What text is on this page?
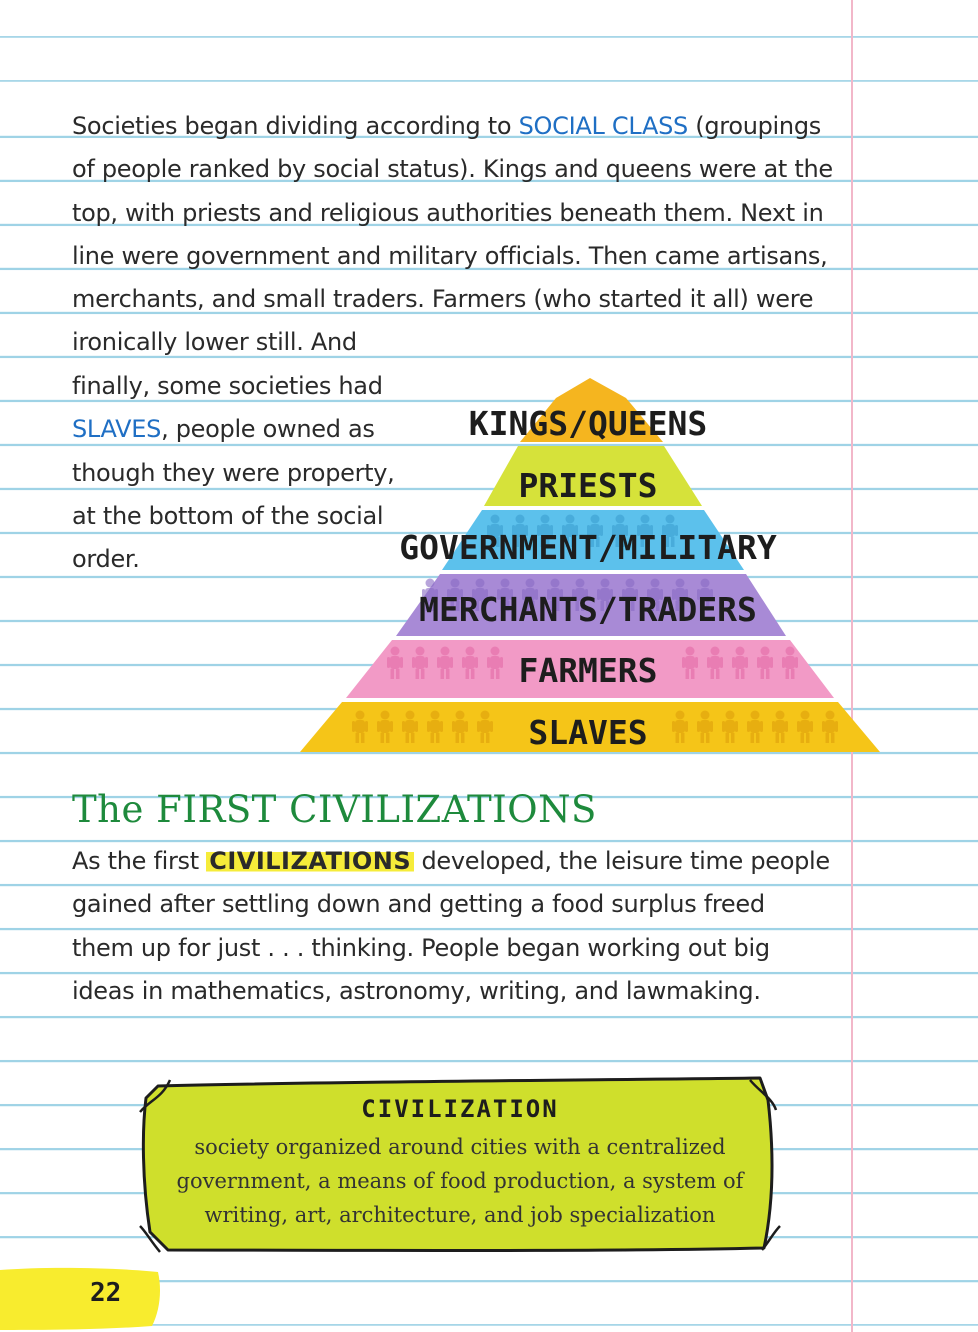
Societies began dividing according to SOCIAL CLASS (groupings of people ranked by social status). Kings and queens were at the top, with priests and religious authorities beneath them. Next in line were government and military officials. Then came artisans, merchants, and small traders. Farmers (who started it all) were ironically lower still. And

finally, some societies had SLAVES, people owned as though they were property, at the bottom of the social order.

KINGS/QUEENS
PRIESTS
GOVERNMENT/MILITARY
MERCHANTS/TRADERS
FARMERS
SLAVES
The FIRST CIVILIZATIONS

As the first CIVILIZATIONS developed, the leisure time people gained after settling down and getting a food surplus freed them up for just . . . thinking. People began working out big ideas in mathematics, astronomy, writing, and lawmaking.

CIVILIZATION
society organized around cities with a centralized government, a means of food production, a system of writing, art, architecture, and job specialization
22
